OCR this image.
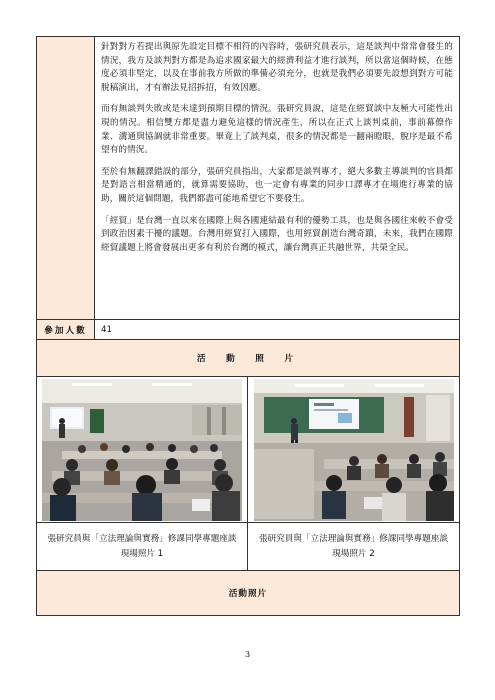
針對對方若提出與原先設定目標不相符的內容時，張研究員表示，這是談判中常常會發生的情況，我方及談判對方都是為追求國家最大的經濟利益才進行談判，所以當這個時候，在態度必須非堅定，以及在事前我方所做的準備必須充分，也就是我們必須要先設想到對方可能脫稿演出，才有辦法見招拆招，有效因應。

而有無談判失敗或是未達到預期目標的情況。張研究員說，這是在經貿談中友極大可能性出現的情況。相信雙方都是盡力避免這樣的情況產生，所以在正式上談判桌前，事前幕僚作業、溝通與協調就非常重要。畢竟上了談判桌，很多的情況都是一翻兩瞪眼，脫序是最不希望有的情況。

至於有無翻譯錯誤的部分，張研究員指出，大家都是談判專才，絕大多數主導談判的官員都是對語言相當精通的，就算需要協助，也一定會有專業的同步口譯專才在場進行專業的協助，關於這個問題，我們都盡可能地希望它不要發生。

「經貿」是台灣一直以來在國際上與各國連結最有利的優勢工具，也是與各國往來較不會受到政治因素干擾的議題。台灣用經貿打入國際，也用經貿創造台灣奇蹟，未來，我們在國際經貿議題上將會發展出更多有利於台灣的模式，讓台灣真正共融世界，共榮全民。

參加人數	41
活　動　照　片
張研究員與「立法理論與實務」修課同學專題座談現場照片 1
張研究員與「立法理論與實務」修課同學專題座談現場照片 2
活動照片
3
